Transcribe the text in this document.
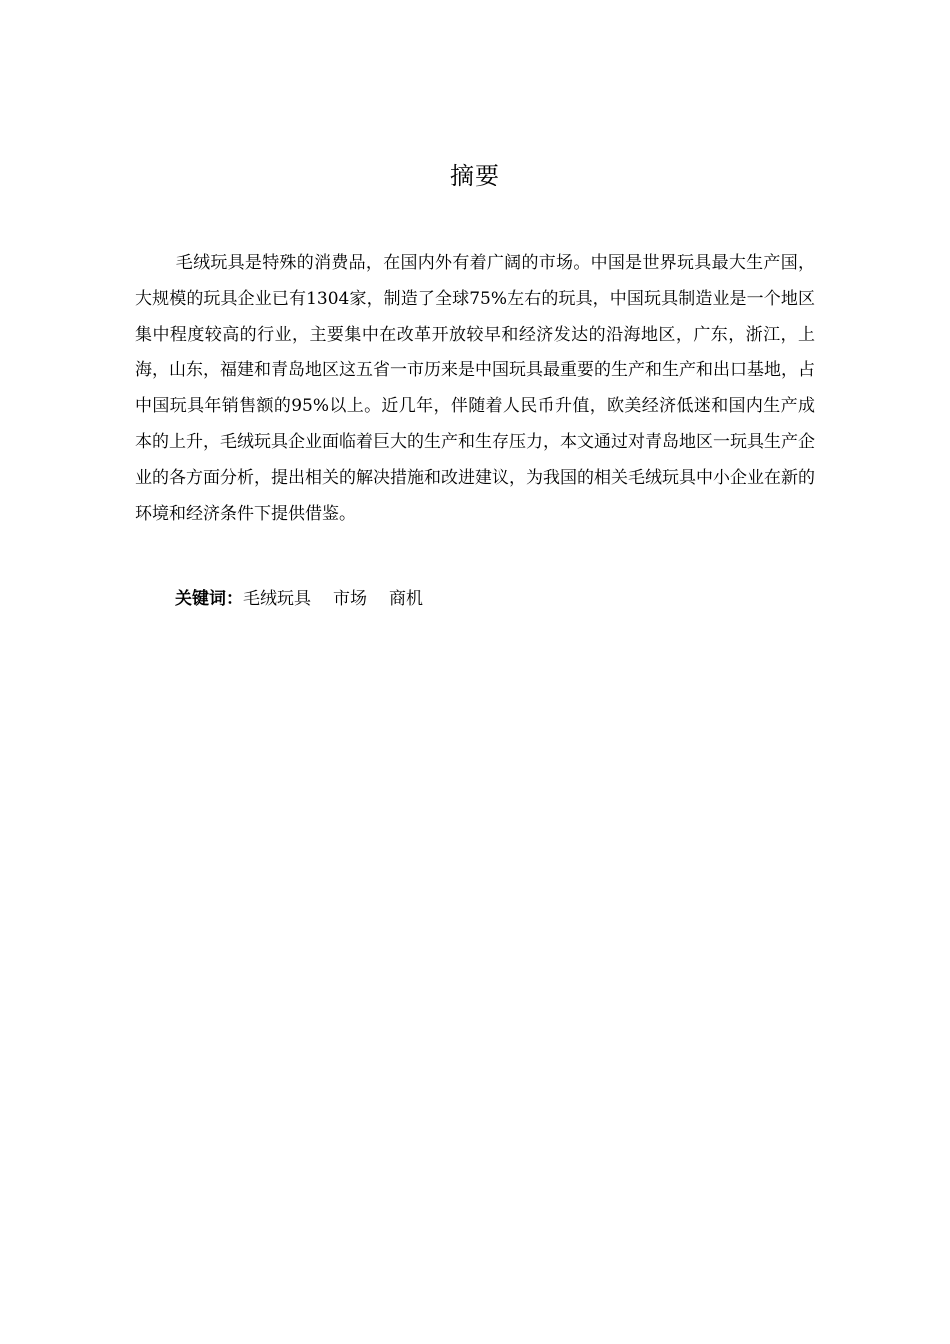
摘要

毛绒玩具是特殊的消费品，在国内外有着广阔的市场。中国是世界玩具最大生产国，大规模的玩具企业已有1304家，制造了全球75%左右的玩具，中国玩具制造业是一个地区集中程度较高的行业，主要集中在改革开放较早和经济发达的沿海地区，广东，浙江，上海，山东，福建和青岛地区这五省一市历来是中国玩具最重要的生产和生产和出口基地，占中国玩具年销售额的95%以上。近几年，伴随着人民币升值，欧美经济低迷和国内生产成本的上升，毛绒玩具企业面临着巨大的生产和生存压力，本文通过对青岛地区一玩具生产企业的各方面分析，提出相关的解决措施和改进建议，为我国的相关毛绒玩具中小企业在新的环境和经济条件下提供借鉴。

关键词：毛绒玩具 市场 商机
